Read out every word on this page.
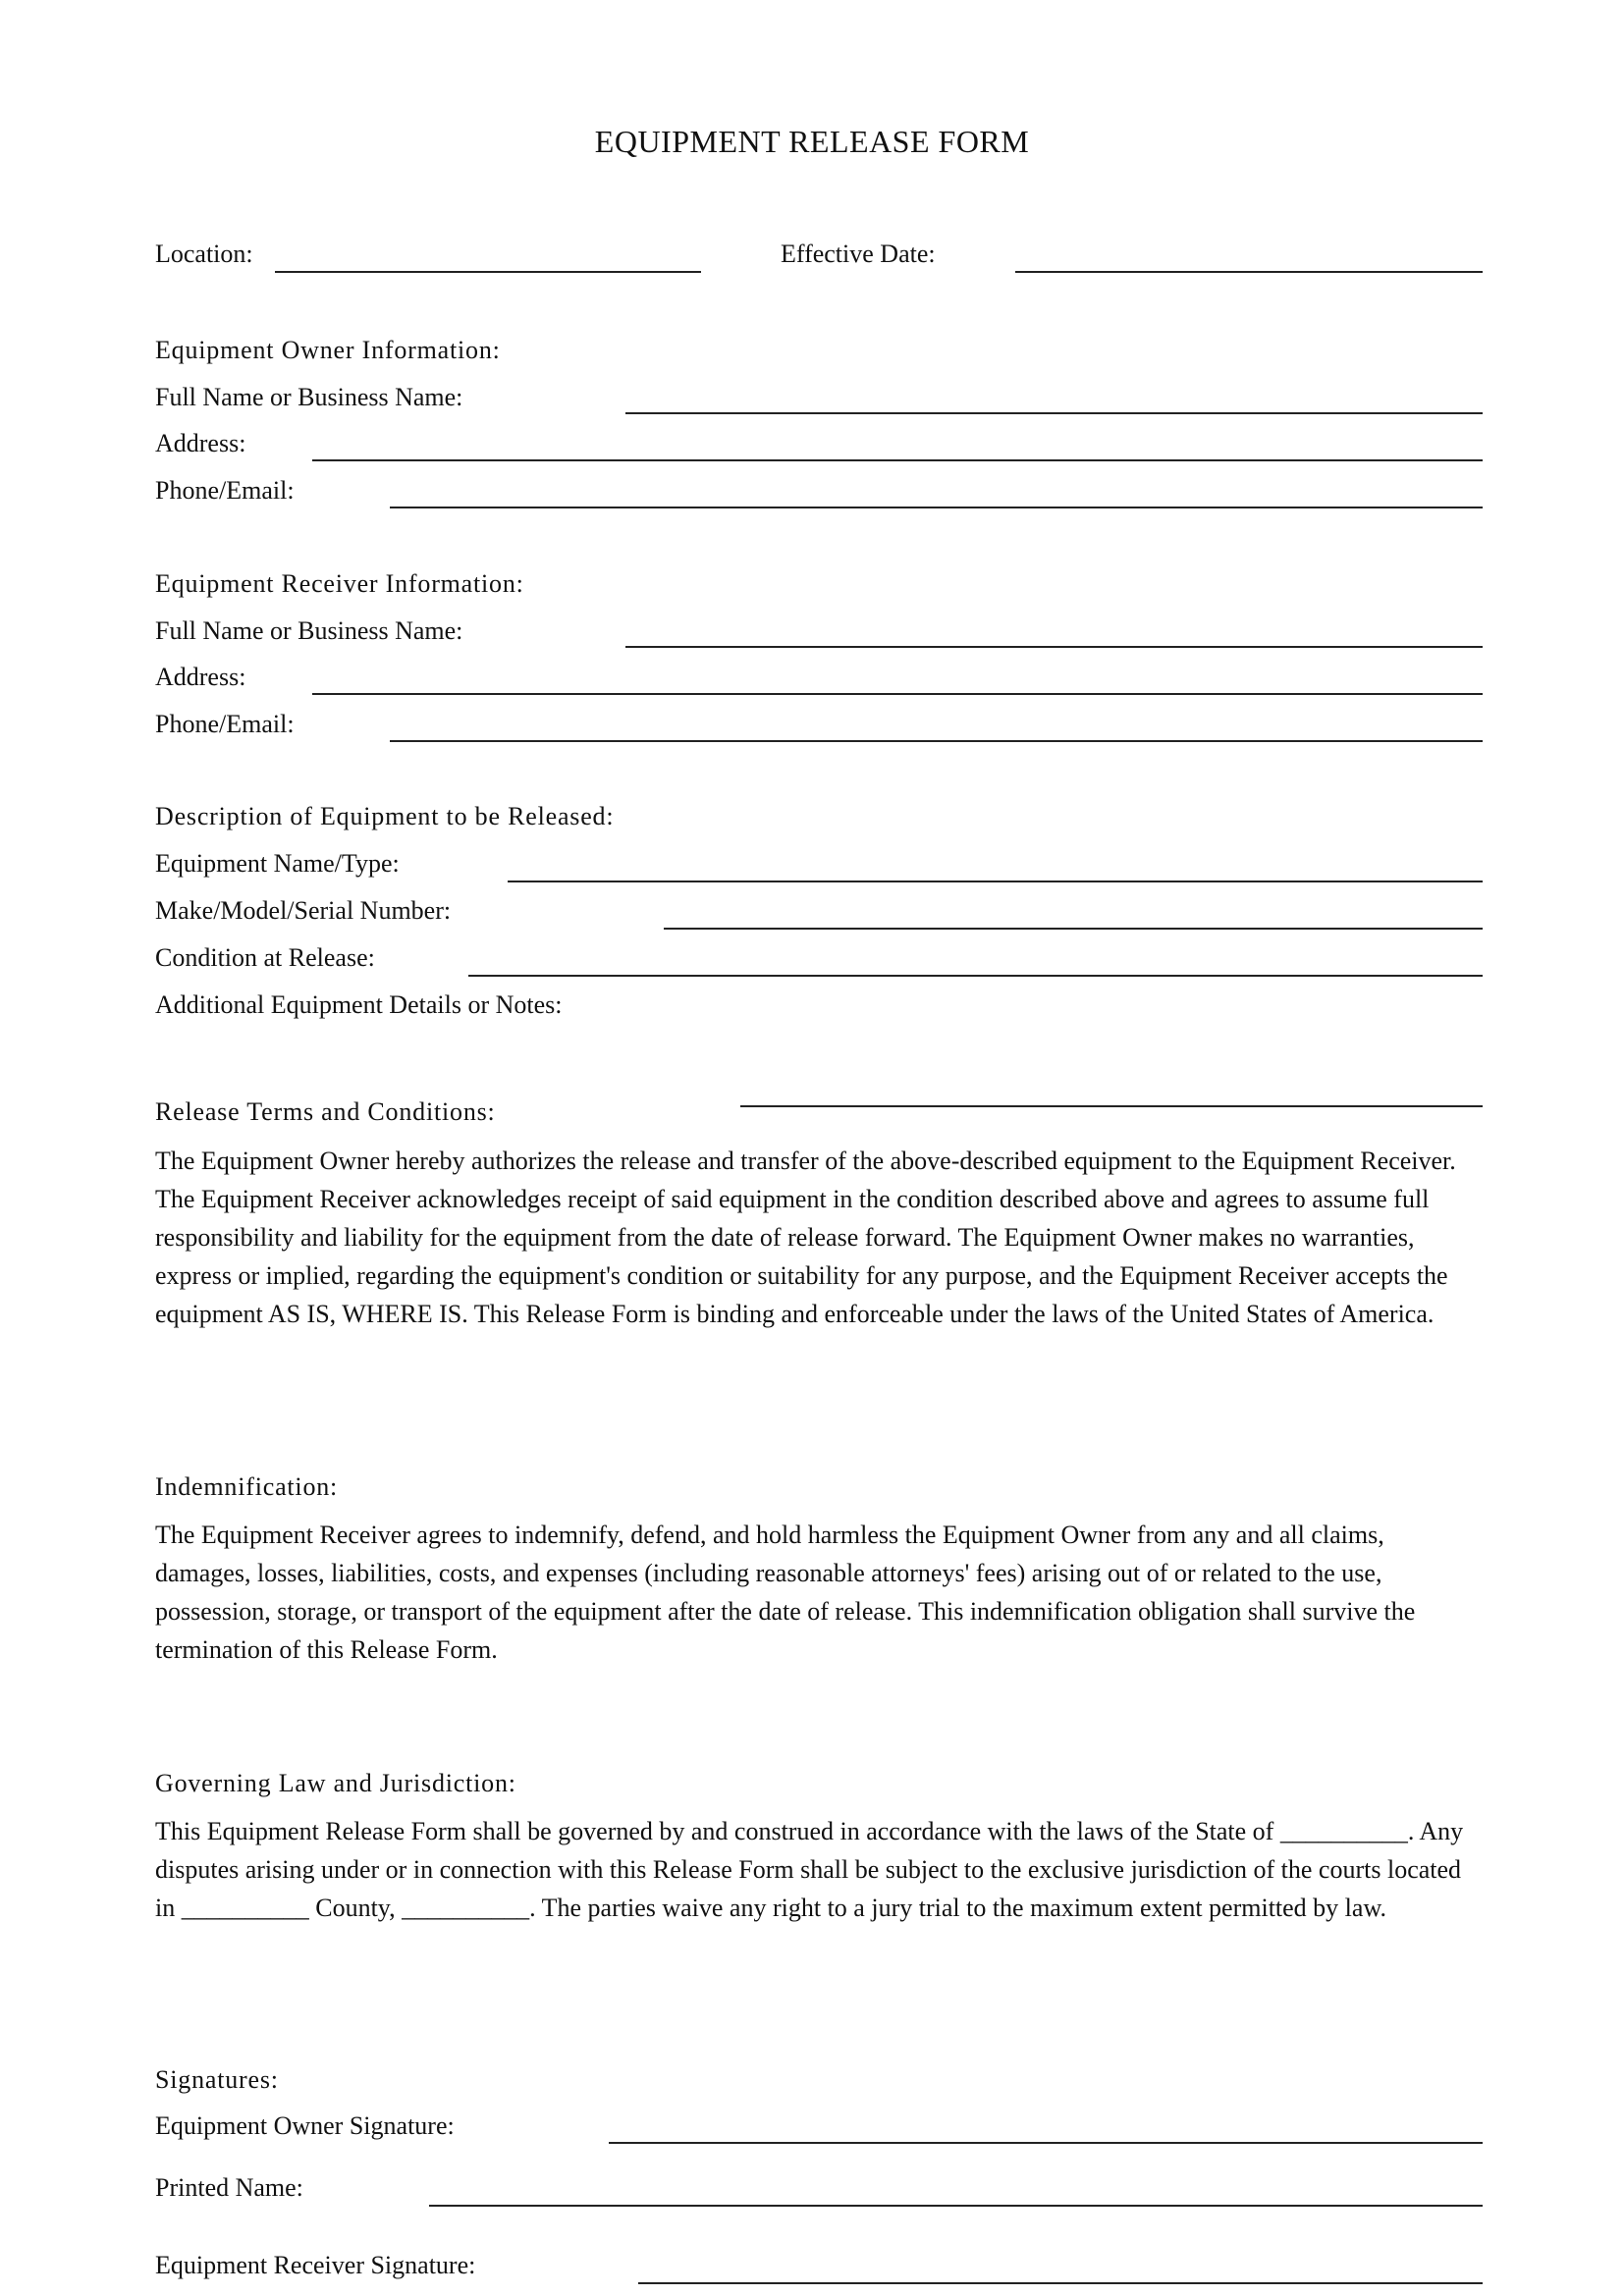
EQUIPMENT RELEASE FORM
Location:	Effective Date:
Equipment Owner Information:
Full Name or Business Name:
Address:
Phone/Email:
Equipment Receiver Information:
Full Name or Business Name:
Address:
Phone/Email:
Description of Equipment to be Released:
Equipment Name/Type:
Make/Model/Serial Number:
Condition at Release:
Additional Equipment Details or Notes:
Release Terms and Conditions:
The Equipment Owner hereby authorizes the release and transfer of the above-described equipment to the Equipment Receiver. The Equipment Receiver acknowledges receipt of said equipment in the condition described above and agrees to assume full responsibility and liability for the equipment from the date of release forward. The Equipment Owner makes no warranties, express or implied, regarding the equipment's condition or suitability for any purpose, and the Equipment Receiver accepts the equipment AS IS, WHERE IS. This Release Form is binding and enforceable under the laws of the United States of America.
Indemnification:
The Equipment Receiver agrees to indemnify, defend, and hold harmless the Equipment Owner from any and all claims, damages, losses, liabilities, costs, and expenses (including reasonable attorneys' fees) arising out of or related to the use, possession, storage, or transport of the equipment after the date of release. This indemnification obligation shall survive the termination of this Release Form.
Governing Law and Jurisdiction:
This Equipment Release Form shall be governed by and construed in accordance with the laws of the State of __________. Any disputes arising under or in connection with this Release Form shall be subject to the exclusive jurisdiction of the courts located in __________ County, __________. The parties waive any right to a jury trial to the maximum extent permitted by law.
Signatures:
Equipment Owner Signature:
Printed Name:
Equipment Receiver Signature:
